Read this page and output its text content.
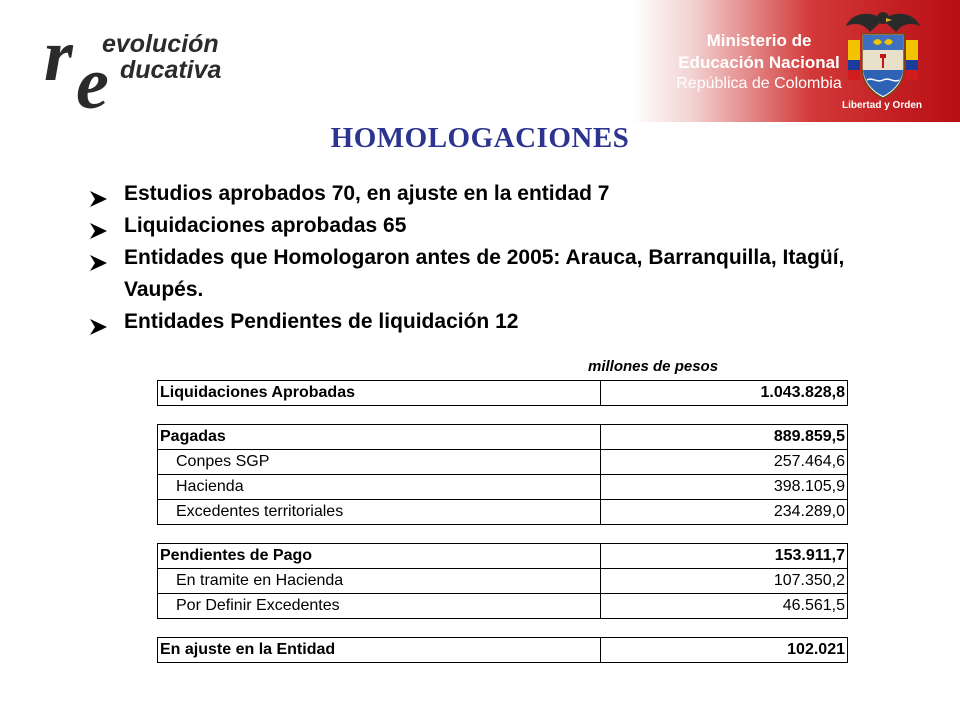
r e
evolución
ducativa
Ministerio de
Educación Nacional
República de Colombia
Libertad y Orden
HOMOLOGACIONES
Estudios aprobados 70, en ajuste en la entidad 7
Liquidaciones aprobadas 65
Entidades que Homologaron antes de 2005: Arauca, Barranquilla, Itagüí, Vaupés.
Entidades Pendientes de liquidación 12
millones de pesos
Liquidaciones Aprobadas	1.043.828,8

Pagadas	889.859,5
Conpes SGP	257.464,6
Hacienda	398.105,9
Excedentes territoriales	234.289,0

Pendientes de Pago	153.911,7
En tramite en Hacienda	107.350,2
Por Definir Excedentes	46.561,5

En ajuste en la Entidad	102.021
